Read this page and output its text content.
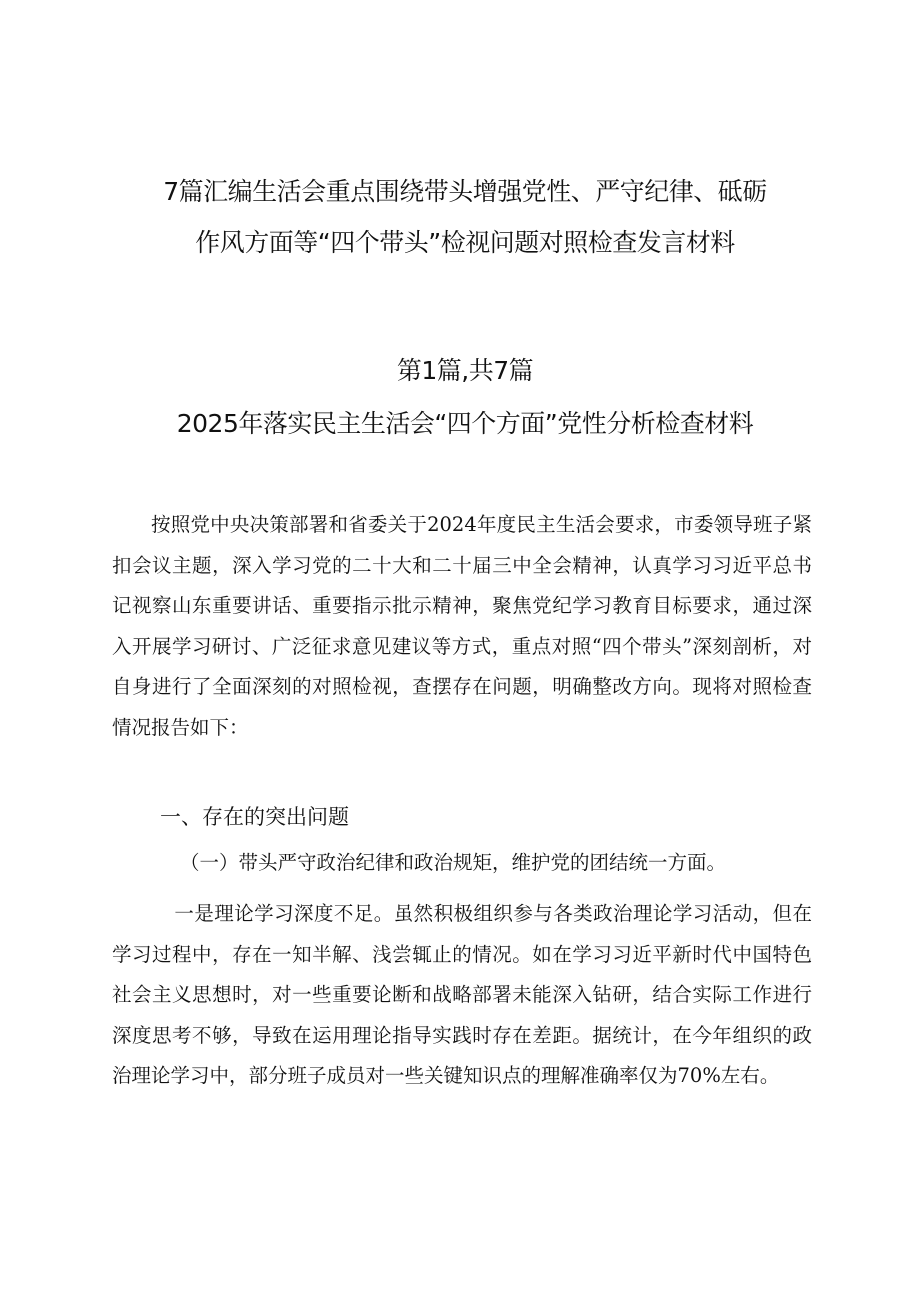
7篇汇编生活会重点围绕带头增强党性、严守纪律、砥砺作风方面等“四个带头”检视问题对照检查发言材料
第1篇,共7篇
2025年落实民主生活会“四个方面”党性分析检查材料

按照党中央决策部署和省委关于2024年度民主生活会要求，市委领导班子紧扣会议主题，深入学习党的二十大和二十届三中全会精神，认真学习习近平总书记视察山东重要讲话、重要指示批示精神，聚焦党纪学习教育目标要求，通过深入开展学习研讨、广泛征求意见建议等方式，重点对照“四个带头”深刻剖析，对自身进行了全面深刻的对照检视，查摆存在问题，明确整改方向。现将对照检查情况报告如下：

一、存在的突出问题

（一）带头严守政治纪律和政治规矩，维护党的团结统一方面。

一是理论学习深度不足。虽然积极组织参与各类政治理论学习活动，但在学习过程中，存在一知半解、浅尝辄止的情况。如在学习习近平新时代中国特色社会主义思想时，对一些重要论断和战略部署未能深入钻研，结合实际工作进行深度思考不够，导致在运用理论指导实践时存在差距。据统计，在今年组织的政治理论学习中，部分班子成员对一些关键知识点的理解准确率仅为70%左右。
